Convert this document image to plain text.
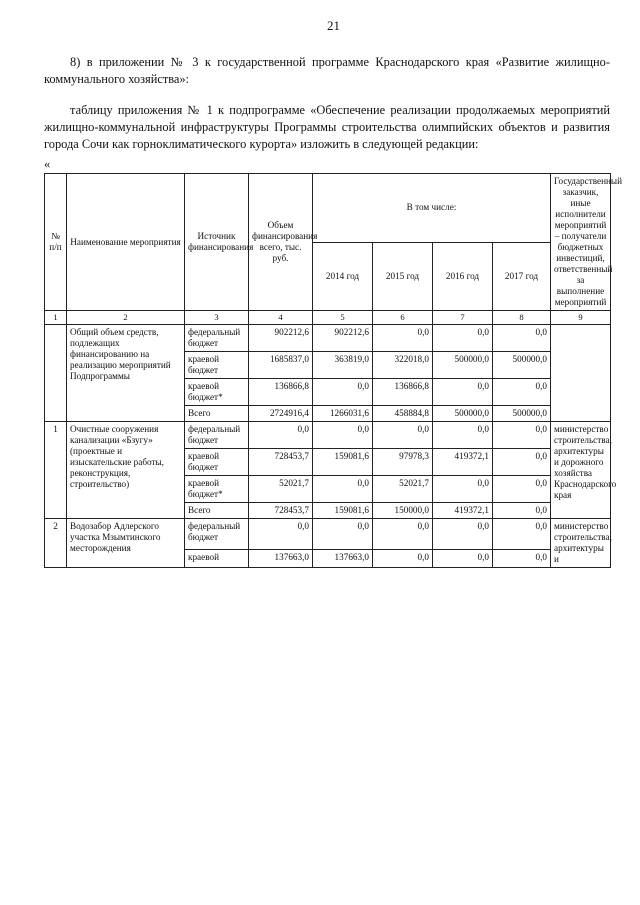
21

8) в приложении № 3 к государственной программе Краснодарского края «Развитие жилищно-коммунального хозяйства»:

таблицу приложения № 1 к подпрограмме «Обеспечение реализации продолжаемых мероприятий жилищно-коммунальной инфраструктуры Программы строительства олимпийских объектов и развития города Сочи как горноклиматического курорта» изложить в следующей редакции:

«
№ п/п	Наименование мероприятия	Источник финансирования	Объем финансирования всего, тыс. руб.	В том числе:				Государственный заказчик, иные исполнители мероприятий – получатели бюджетных инвестиций, ответственный за выполнение мероприятий
				2014 год	2015 год	2016 год	2017 год	
1	2	3	4	5	6	7	8	9
	Общий объем средств, подлежащих финансированию на реализацию мероприятий Подпрограммы	федеральный бюджет	902212,6	902212,6	0,0	0,0	0,0	
		краевой бюджет	1685837,0	363819,0	322018,0	500000,0	500000,0	
		краевой бюджет*	136866,8	0,0	136866,8	0,0	0,0	
		Всего	2724916,4	1266031,6	458884,8	500000,0	500000,0	
1	Очистные сооружения канализации «Бзугу» (проектные и изыскательские работы, реконструкция, строительство)	федеральный бюджет	0,0	0,0	0,0	0,0	0,0	министерство строительства, архитектуры и дорожного хозяйства Краснодарского края
		краевой бюджет	728453,7	159081,6	97978,3	419372,1	0,0	
		краевой бюджет*	52021,7	0,0	52021,7	0,0	0,0	
		Всего	728453,7	159081,6	150000,0	419372,1	0,0	
2	Водозабор Адлерского участка Мзымтинского месторождения	федеральный бюджет	0,0	0,0	0,0	0,0	0,0	министерство строительства, архитектуры и
		краевой	137663,0	137663,0	0,0	0,0	0,0	
